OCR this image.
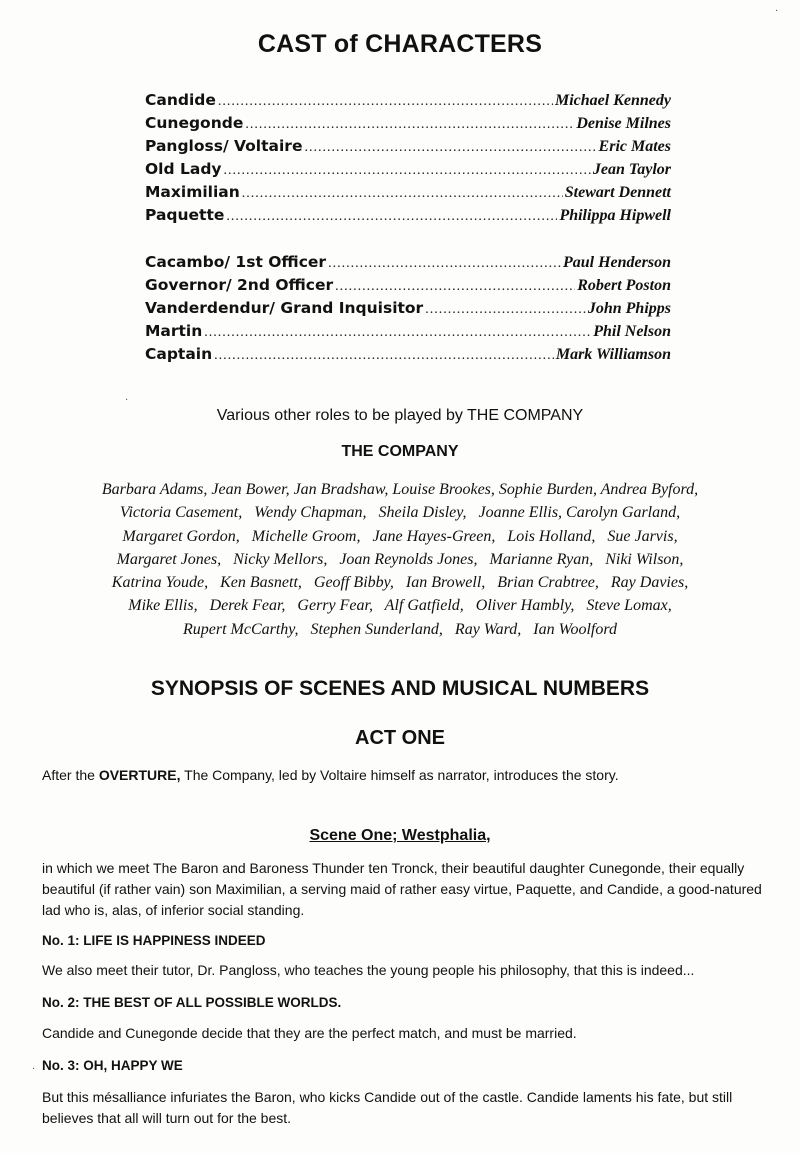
CAST of CHARACTERS
Candide .....	Michael Kennedy
Cunegonde .....	Denise Milnes
Pangloss/ Voltaire .....	Eric Mates
Old Lady .....	Jean Taylor
Maximilian .....	Stewart Dennett
Paquette .....	Philippa Hipwell
Cacambo/ 1st Officer .....	Paul Henderson
Governor/ 2nd Officer .....	Robert Poston
Vanderdendur/ Grand Inquisitor .....	John Phipps
Martin .....	Phil Nelson
Captain .....	Mark Williamson
Various other roles to be played by THE COMPANY
THE COMPANY
Barbara Adams, Jean Bower, Jan Bradshaw, Louise Brookes, Sophie Burden, Andrea Byford,
Victoria Casement,   Wendy Chapman,   Sheila Disley,   Joanne Ellis, Carolyn Garland,
Margaret Gordon,   Michelle Groom,   Jane Hayes-Green,   Lois Holland,   Sue Jarvis,
Margaret Jones,   Nicky Mellors,   Joan Reynolds Jones,   Marianne Ryan,   Niki Wilson,
Katrina Youde,   Ken Basnett,   Geoff Bibby,   Ian Browell,   Brian Crabtree,   Ray Davies,
Mike Ellis,   Derek Fear,   Gerry Fear,   Alf Gatfield,   Oliver Hambly,   Steve Lomax,
Rupert McCarthy,   Stephen Sunderland,   Ray Ward,   Ian Woolford
SYNOPSIS OF SCENES AND MUSICAL NUMBERS
ACT ONE

After the OVERTURE, The Company, led by Voltaire himself as narrator, introduces the story.

Scene One; Westphalia,

in which we meet The Baron and Baroness Thunder ten Tronck, their beautiful daughter Cunegonde, their equally beautiful (if rather vain) son Maximilian, a serving maid of rather easy virtue, Paquette, and Candide, a good-natured lad who is, alas, of inferior social standing.

No. 1: LIFE IS HAPPINESS INDEED

We also meet their tutor, Dr. Pangloss, who teaches the young people his philosophy, that this is indeed...

No. 2: THE BEST OF ALL POSSIBLE WORLDS.

Candide and Cunegonde decide that they are the perfect match, and must be married.

No. 3: OH, HAPPY WE

But this mésalliance infuriates the Baron, who kicks Candide out of the castle. Candide laments his fate, but still believes that all will turn out for the best.

·
·
·
